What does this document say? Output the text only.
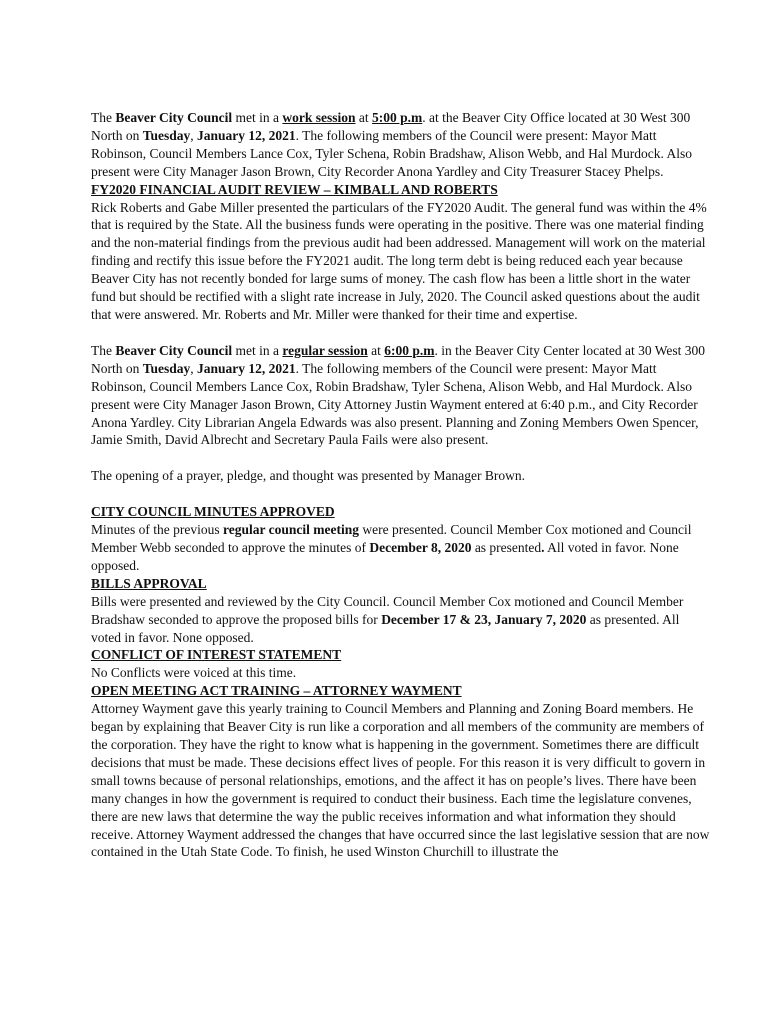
The Beaver City Council met in a work session at 5:00 p.m. at the Beaver City Office located at 30 West 300 North on Tuesday, January 12, 2021. The following members of the Council were present: Mayor Matt Robinson, Council Members Lance Cox, Tyler Schena, Robin Bradshaw, Alison Webb, and Hal Murdock. Also present were City Manager Jason Brown, City Recorder Anona Yardley and City Treasurer Stacey Phelps.

FY2020 FINANCIAL AUDIT REVIEW – KIMBALL AND ROBERTS

Rick Roberts and Gabe Miller presented the particulars of the FY2020 Audit. The general fund was within the 4% that is required by the State. All the business funds were operating in the positive. There was one material finding and the non-material findings from the previous audit had been addressed. Management will work on the material finding and rectify this issue before the FY2021 audit. The long term debt is being reduced each year because Beaver City has not recently bonded for large sums of money. The cash flow has been a little short in the water fund but should be rectified with a slight rate increase in July, 2020. The Council asked questions about the audit that were answered. Mr. Roberts and Mr. Miller were thanked for their time and expertise.

The Beaver City Council met in a regular session at 6:00 p.m. in the Beaver City Center located at 30 West 300 North on Tuesday, January 12, 2021. The following members of the Council were present: Mayor Matt Robinson, Council Members Lance Cox, Robin Bradshaw, Tyler Schena, Alison Webb, and Hal Murdock. Also present were City Manager Jason Brown, City Attorney Justin Wayment entered at 6:40 p.m., and City Recorder Anona Yardley. City Librarian Angela Edwards was also present. Planning and Zoning Members Owen Spencer, Jamie Smith, David Albrecht and Secretary Paula Fails were also present.

The opening of a prayer, pledge, and thought was presented by Manager Brown.

CITY COUNCIL MINUTES APPROVED

Minutes of the previous regular council meeting were presented. Council Member Cox motioned and Council Member Webb seconded to approve the minutes of December 8, 2020 as presented. All voted in favor. None opposed.

BILLS APPROVAL

Bills were presented and reviewed by the City Council. Council Member Cox motioned and Council Member Bradshaw seconded to approve the proposed bills for December 17 & 23, January 7, 2020 as presented. All voted in favor. None opposed.

CONFLICT OF INTEREST STATEMENT

No Conflicts were voiced at this time.

OPEN MEETING ACT TRAINING – ATTORNEY WAYMENT

Attorney Wayment gave this yearly training to Council Members and Planning and Zoning Board members. He began by explaining that Beaver City is run like a corporation and all members of the community are members of the corporation. They have the right to know what is happening in the government. Sometimes there are difficult decisions that must be made. These decisions effect lives of people. For this reason it is very difficult to govern in small towns because of personal relationships, emotions, and the affect it has on people’s lives. There have been many changes in how the government is required to conduct their business. Each time the legislature convenes, there are new laws that determine the way the public receives information and what information they should receive. Attorney Wayment addressed the changes that have occurred since the last legislative session that are now contained in the Utah State Code. To finish, he used Winston Churchill to illustrate the
